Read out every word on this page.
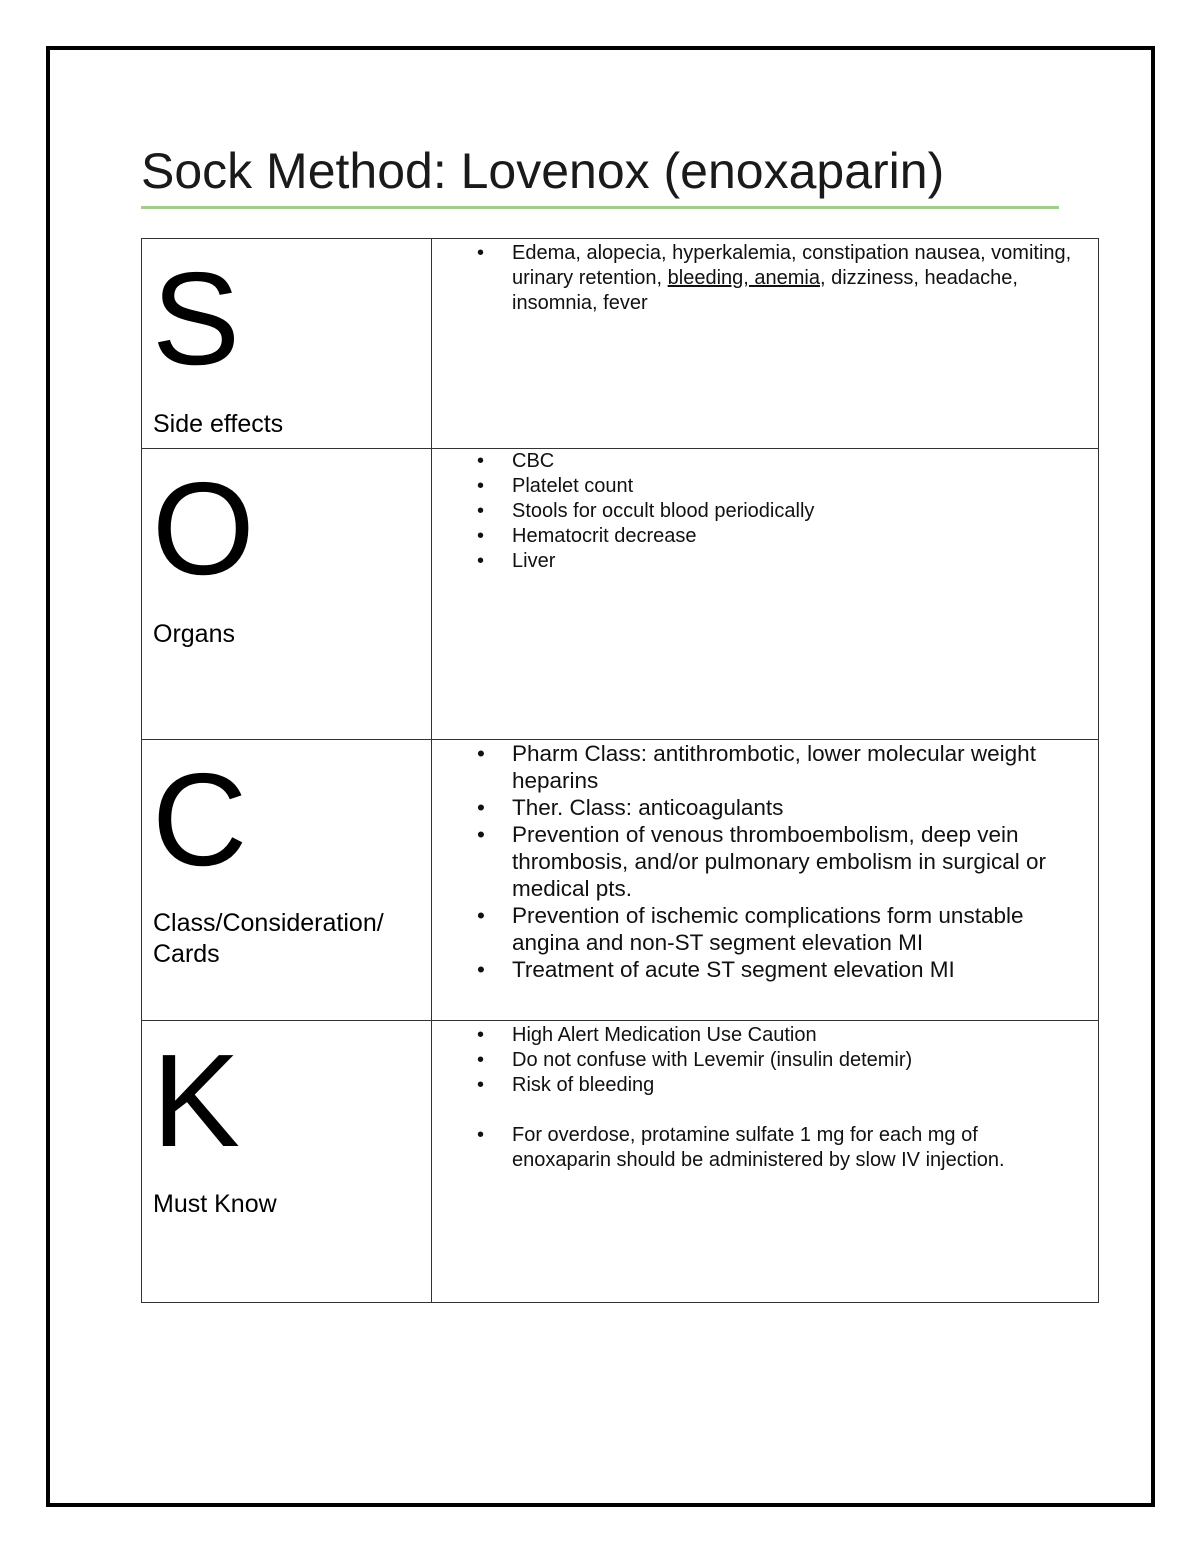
Sock Method: Lovenox (enoxaparin)
S
Side effects

• Edema, alopecia, hyperkalemia, constipation nausea, vomiting, urinary retention, bleeding, anemia, dizziness, headache, insomnia, fever

O
Organs

• CBC
• Platelet count
• Stools for occult blood periodically
• Hematocrit decrease
• Liver

C
Class/Consideration/
Cards

• Pharm Class: antithrombotic, lower molecular weight heparins
• Ther. Class: anticoagulants
• Prevention of venous thromboembolism, deep vein thrombosis, and/or pulmonary embolism in surgical or medical pts.
• Prevention of ischemic complications form unstable angina and non-ST segment elevation MI
• Treatment of acute ST segment elevation MI

K
Must Know

• High Alert Medication Use Caution
• Do not confuse with Levemir (insulin detemir)
• Risk of bleeding
• For overdose, protamine sulfate 1 mg for each mg of enoxaparin should be administered by slow IV injection.
